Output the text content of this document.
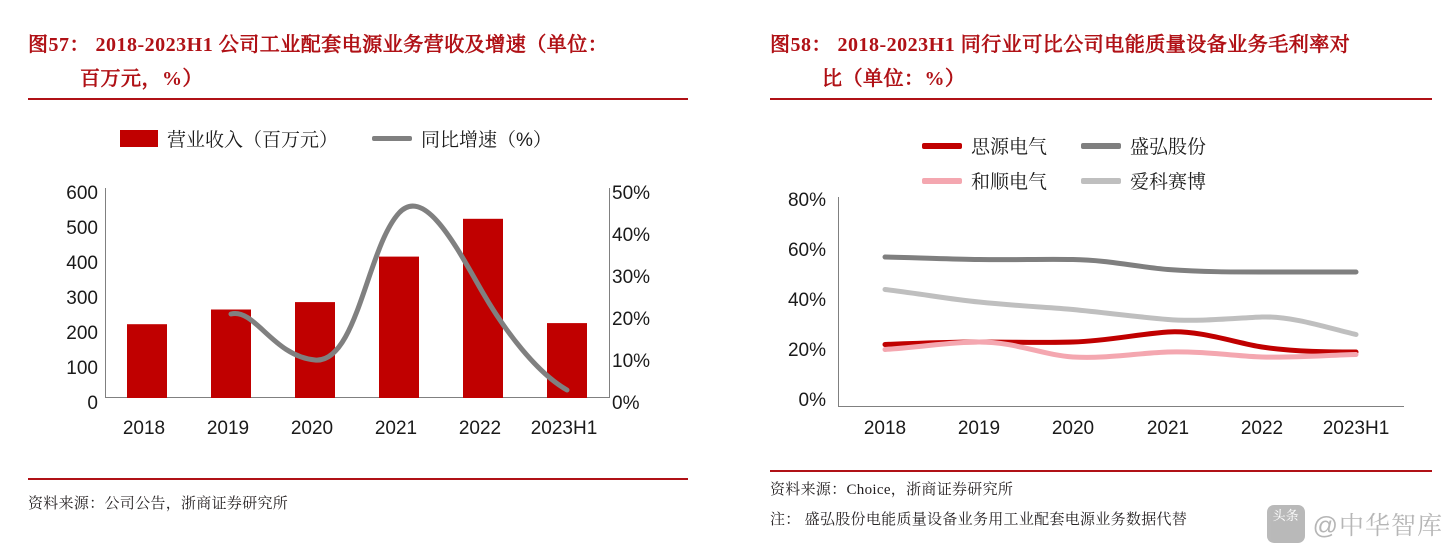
图57： 2018-2023H1 公司工业配套电源业务营收及增速（单位：
百万元，%）
营业收入（百万元）	同比增速（%）
600
500
400
300
200
100
0
50%
40%
30%
20%
10%
0%
2018	2019	2020	2021	2022	2023H1
资料来源：公司公告，浙商证券研究所
图58： 2018-2023H1 同行业可比公司电能质量设备业务毛利率对
比（单位：%）
思源电气	盛弘股份
和顺电气	爱科赛博
80%
60%
40%
20%
0%
2018	2019	2020	2021	2022	2023H1
资料来源：Choice，浙商证券研究所
注： 盛弘股份电能质量设备业务用工业配套电源业务数据代替	头条 @中华智库
